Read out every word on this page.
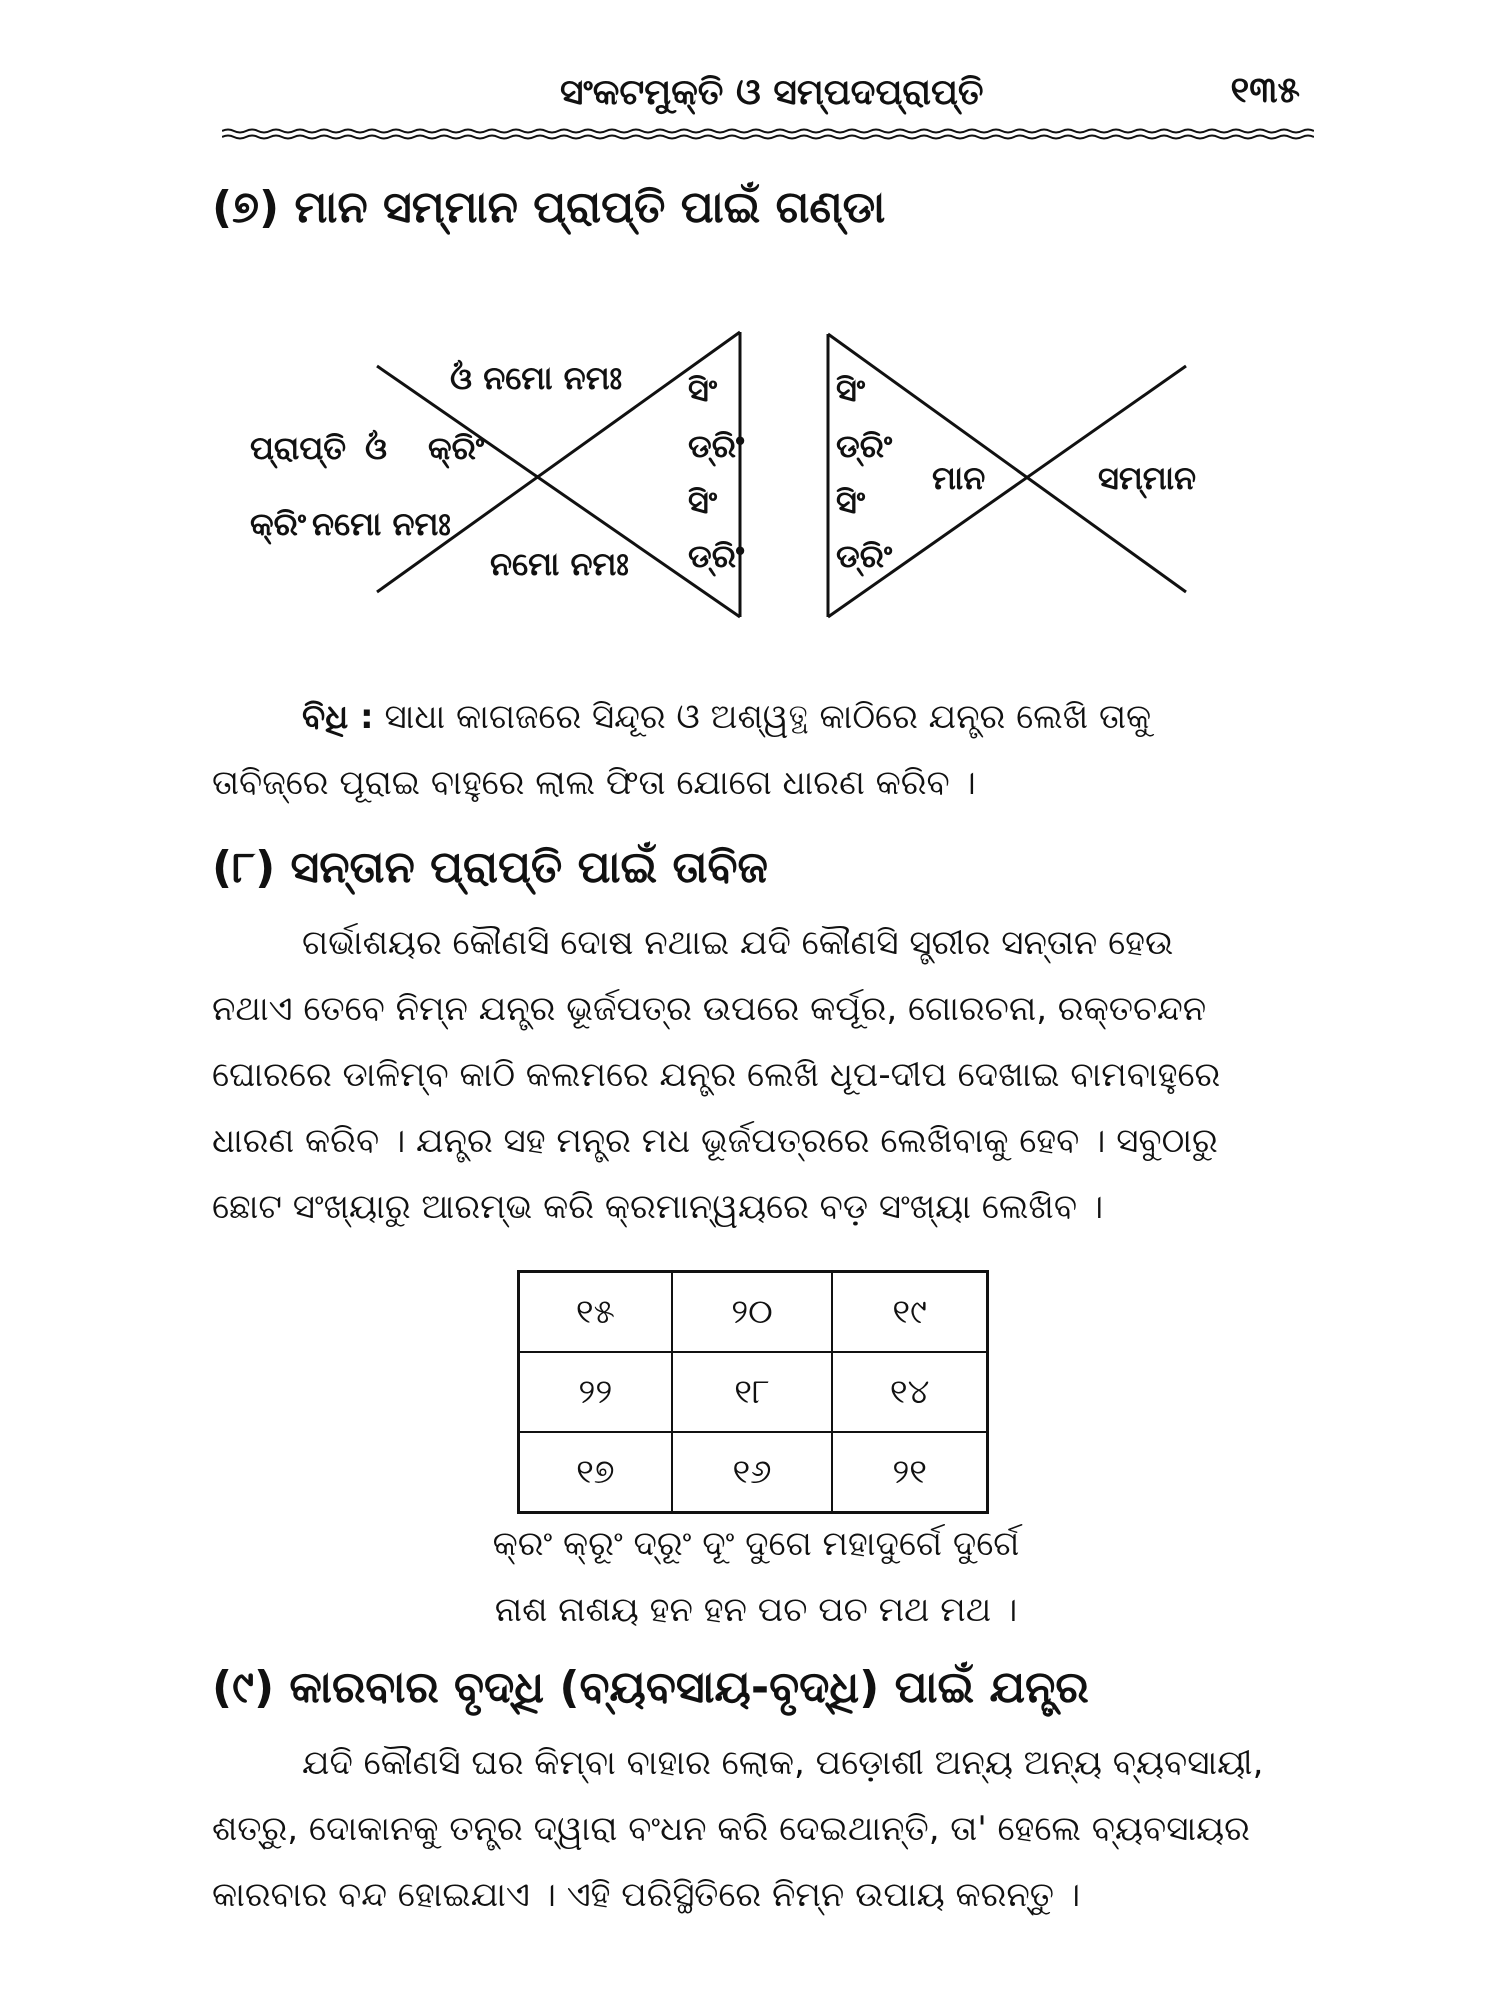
ସଂକଟମୁକ୍ତି ଓ ସମ୍ପଦପ୍ରାପ୍ତି	୧୩୫
(୭) ମାନ ସମ୍ମାନ ପ୍ରାପ୍ତି ପାଇଁ ଗଣ୍ଡା
ଓଁ ନମୋ ନମଃ
ପ୍ରାପ୍ତି ଓଁ କ୍ରିଂ
କ୍ରିଂ ନମୋ ନମଃ
ନମୋ ନମଃ
ସିଂ
ଡ୍ରିଂ
ସିଂ
ଡ୍ରିଂ
ସିଂ
ଡ୍ରିଂ
ସିଂ
ଡ୍ରିଂ
ମାନ	ସମ୍ମାନ
ବିଧି : ସାଧା କାଗଜରେ ସିନ୍ଦୂର ଓ ଅଶ୍ୱତ୍ଥ କାଠିରେ ଯନ୍ତ୍ର ଲେଖି ତାକୁ
ତାବିଜ୍‌ରେ ପୂରାଇ ବାହୁରେ ଲାଲ ଫିତା ଯୋଗେ ଧାରଣ କରିବ ।
(୮) ସନ୍ତାନ ପ୍ରାପ୍ତି ପାଇଁ ତାବିଜ
ଗର୍ଭାଶୟର କୌଣସି ଦୋଷ ନଥାଇ ଯଦି କୌଣସି ସ୍ତ୍ରୀର ସନ୍ତାନ ହେଉ
ନଥାଏ ତେବେ ନିମ୍ନ ଯନ୍ତ୍ର ଭୂର୍ଜପତ୍ର ଉପରେ କର୍ପୂର, ଗୋରଚନା, ରକ୍ତଚନ୍ଦନ
ଘୋରରେ ଡାଳିମ୍ବ କାଠି କଲମରେ ଯନ୍ତ୍ର ଲେଖି ଧୂପ-ଦୀପ ଦେଖାଇ ବାମବାହୁରେ
ଧାରଣ କରିବ । ଯନ୍ତ୍ର ସହ ମନ୍ତ୍ର ମଧ ଭୂର୍ଜପତ୍ରରେ ଲେଖିବାକୁ ହେବ । ସବୁଠାରୁ
ଛୋଟ ସଂଖ୍ୟାରୁ ଆରମ୍ଭ କରି କ୍ରମାନ୍ୱୟରେ ବଡ଼ ସଂଖ୍ୟା ଲେଖିବ ।
୧୫	୨୦	୧୯
୨୨	୧୮	୧୪
୧୭	୧୬	୨୧
କ୍ରଂ କ୍ରୂଂ ଦ୍ରୂଂ ଦୂଂ ଦୁଗେ ମହାଦୁର୍ଗେ ଦୁର୍ଗେ
ନାଶ ନାଶୟ ହନ ହନ ପଚ ପଚ ମଥ ମଥ ।
(୯) କାରବାର ବୃଦ୍ଧି (ବ୍ୟବସାୟ-ବୃଦ୍ଧି) ପାଇଁ ଯନ୍ତ୍ର
ଯଦି କୌଣସି ଘର କିମ୍ବା ବାହାର ଲୋକ, ପଡ଼ୋଶୀ ଅନ୍ୟ ଅନ୍ୟ ବ୍ୟବସାୟୀ,
ଶତ୍ରୁ, ଦୋକାନକୁ ତନ୍ତ୍ର ଦ୍ୱାରା ବଂଧନ କରି ଦେଇଥାନ୍ତି, ତା' ହେଲେ ବ୍ୟବସାୟର
କାରବାର ବନ୍ଦ ହୋଇଯାଏ । ଏହି ପରିସ୍ଥିତିରେ ନିମ୍ନ ଉପାୟ କରନ୍ତୁ ।
